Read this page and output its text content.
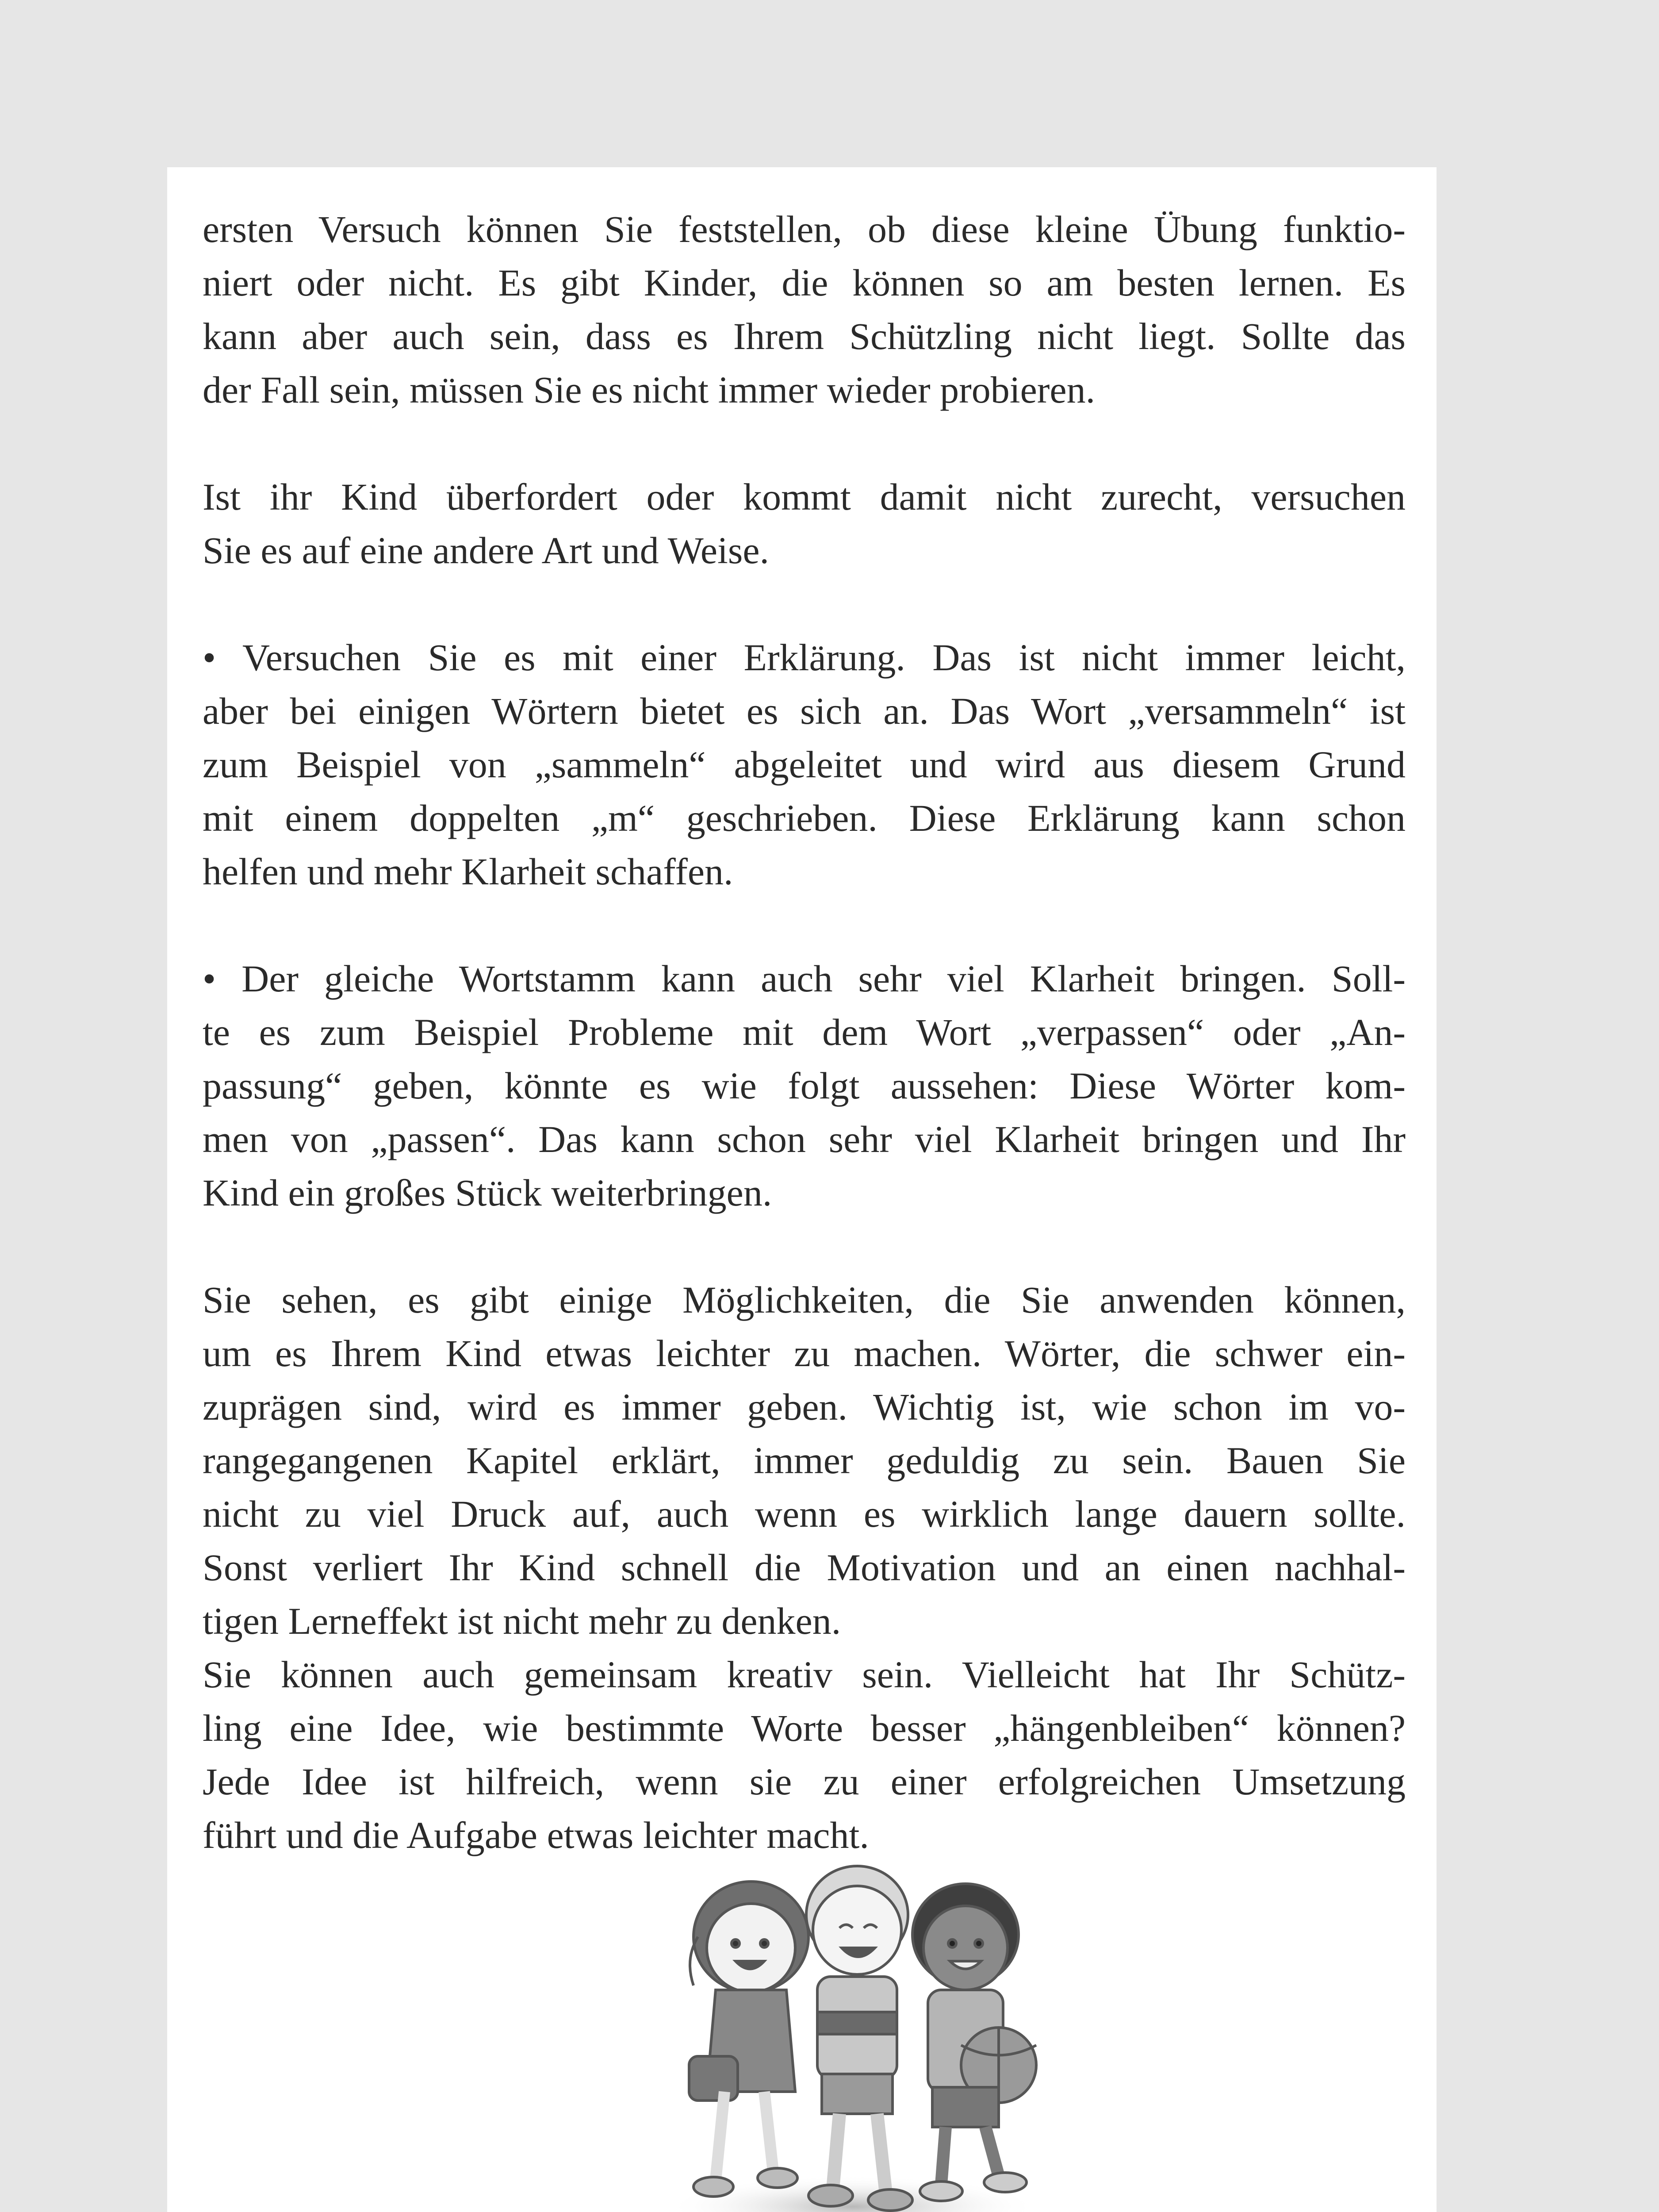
ersten Versuch können Sie feststellen, ob diese kleine Übung funktio-
niert oder nicht. Es gibt Kinder, die können so am besten lernen. Es
kann aber auch sein, dass es Ihrem Schützling nicht liegt. Sollte das
der Fall sein, müssen Sie es nicht immer wieder probieren.
Ist ihr Kind überfordert oder kommt damit nicht zurecht, versuchen
Sie es auf eine andere Art und Weise.
• Versuchen Sie es mit einer Erklärung. Das ist nicht immer leicht,
aber bei einigen Wörtern bietet es sich an. Das Wort „versammeln“ ist
zum Beispiel von „sammeln“ abgeleitet und wird aus diesem Grund
mit einem doppelten „m“ geschrieben. Diese Erklärung kann schon
helfen und mehr Klarheit schaffen.
• Der gleiche Wortstamm kann auch sehr viel Klarheit bringen. Soll-
te es zum Beispiel Probleme mit dem Wort „verpassen“ oder „An-
passung“ geben, könnte es wie folgt aussehen: Diese Wörter kom-
men von „passen“. Das kann schon sehr viel Klarheit bringen und Ihr
Kind ein großes Stück weiterbringen.
Sie sehen, es gibt einige Möglichkeiten, die Sie anwenden können,
um es Ihrem Kind etwas leichter zu machen. Wörter, die schwer ein-
zuprägen sind, wird es immer geben. Wichtig ist, wie schon im vo-
rangegangenen Kapitel erklärt, immer geduldig zu sein. Bauen Sie
nicht zu viel Druck auf, auch wenn es wirklich lange dauern sollte.
Sonst verliert Ihr Kind schnell die Motivation und an einen nachhal-
tigen Lerneffekt ist nicht mehr zu denken.
Sie können auch gemeinsam kreativ sein. Vielleicht hat Ihr Schütz-
ling eine Idee, wie bestimmte Worte besser „hängenbleiben“ können?
Jede Idee ist hilfreich, wenn sie zu einer erfolgreichen Umsetzung
führt und die Aufgabe etwas leichter macht.
